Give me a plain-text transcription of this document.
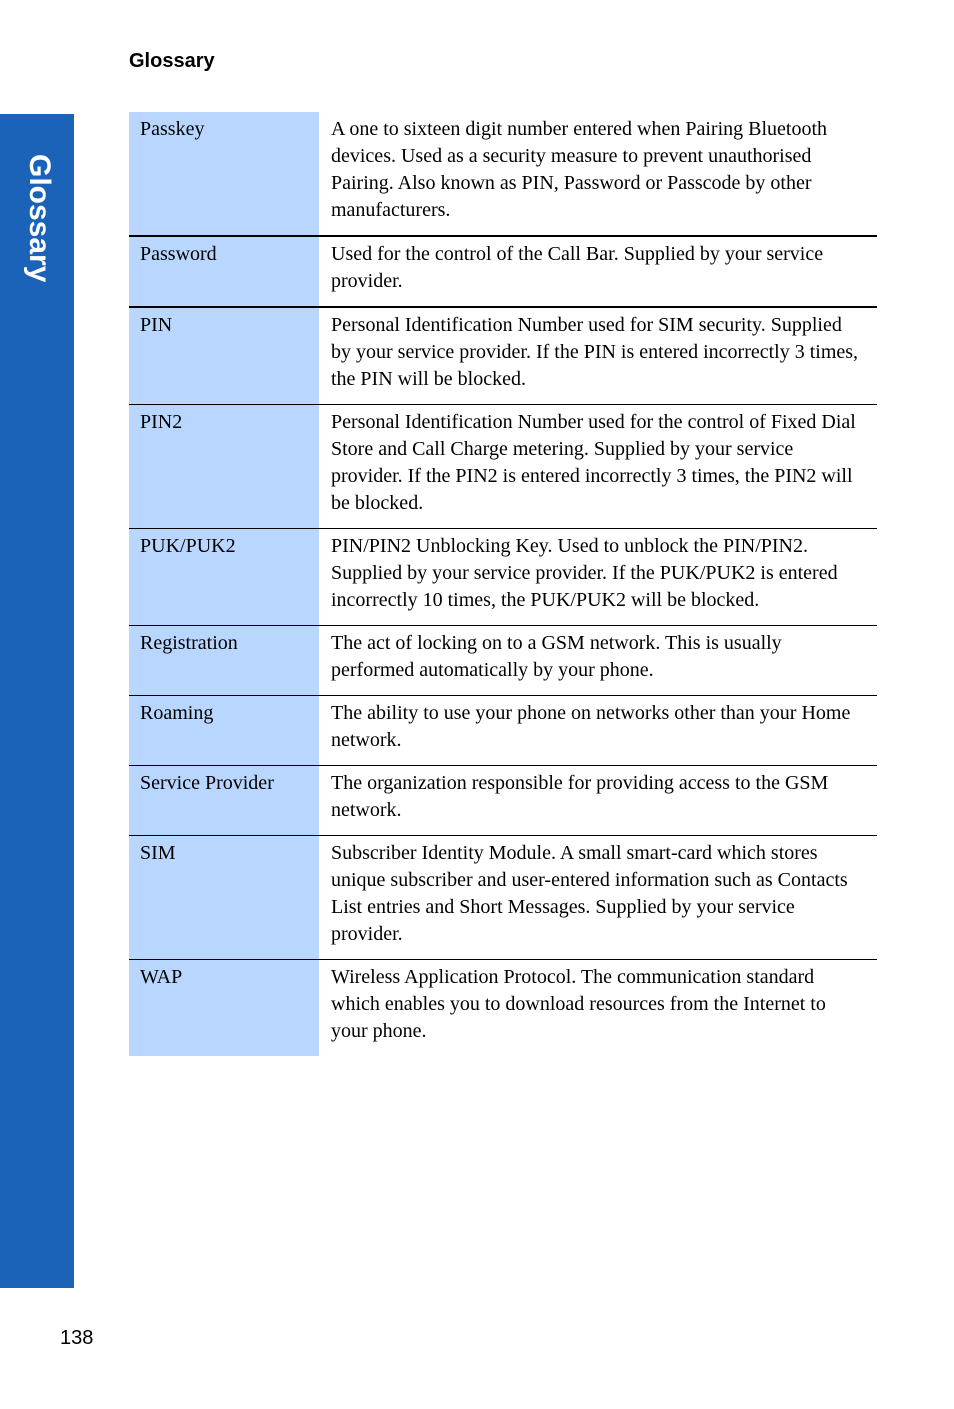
Glossary
Glossary
Passkey	A one to sixteen digit number entered when Pairing Bluetooth devices. Used as a security measure to prevent unauthorised Pairing. Also known as PIN, Password or Passcode by other manufacturers.
Password	Used for the control of the Call Bar. Supplied by your service provider.
PIN	Personal Identification Number used for SIM security. Supplied by your service provider. If the PIN is entered incorrectly 3 times, the PIN will be blocked.
PIN2	Personal Identification Number used for the control of Fixed Dial Store and Call Charge metering. Supplied by your service provider. If the PIN2 is entered incorrectly 3 times, the PIN2 will be blocked.
PUK/PUK2	PIN/PIN2 Unblocking Key. Used to unblock the PIN/PIN2. Supplied by your service provider. If the PUK/PUK2 is entered incorrectly 10 times, the PUK/PUK2 will be blocked.
Registration	The act of locking on to a GSM network. This is usually performed automatically by your phone.
Roaming	The ability to use your phone on networks other than your Home network.
Service Provider	The organization responsible for providing access to the GSM network.
SIM	Subscriber Identity Module. A small smart-card which stores unique subscriber and user-entered information such as Contacts List entries and Short Messages. Supplied by your service provider.
WAP	Wireless Application Protocol. The communication standard which enables you to download resources from the Internet to your phone.
138
